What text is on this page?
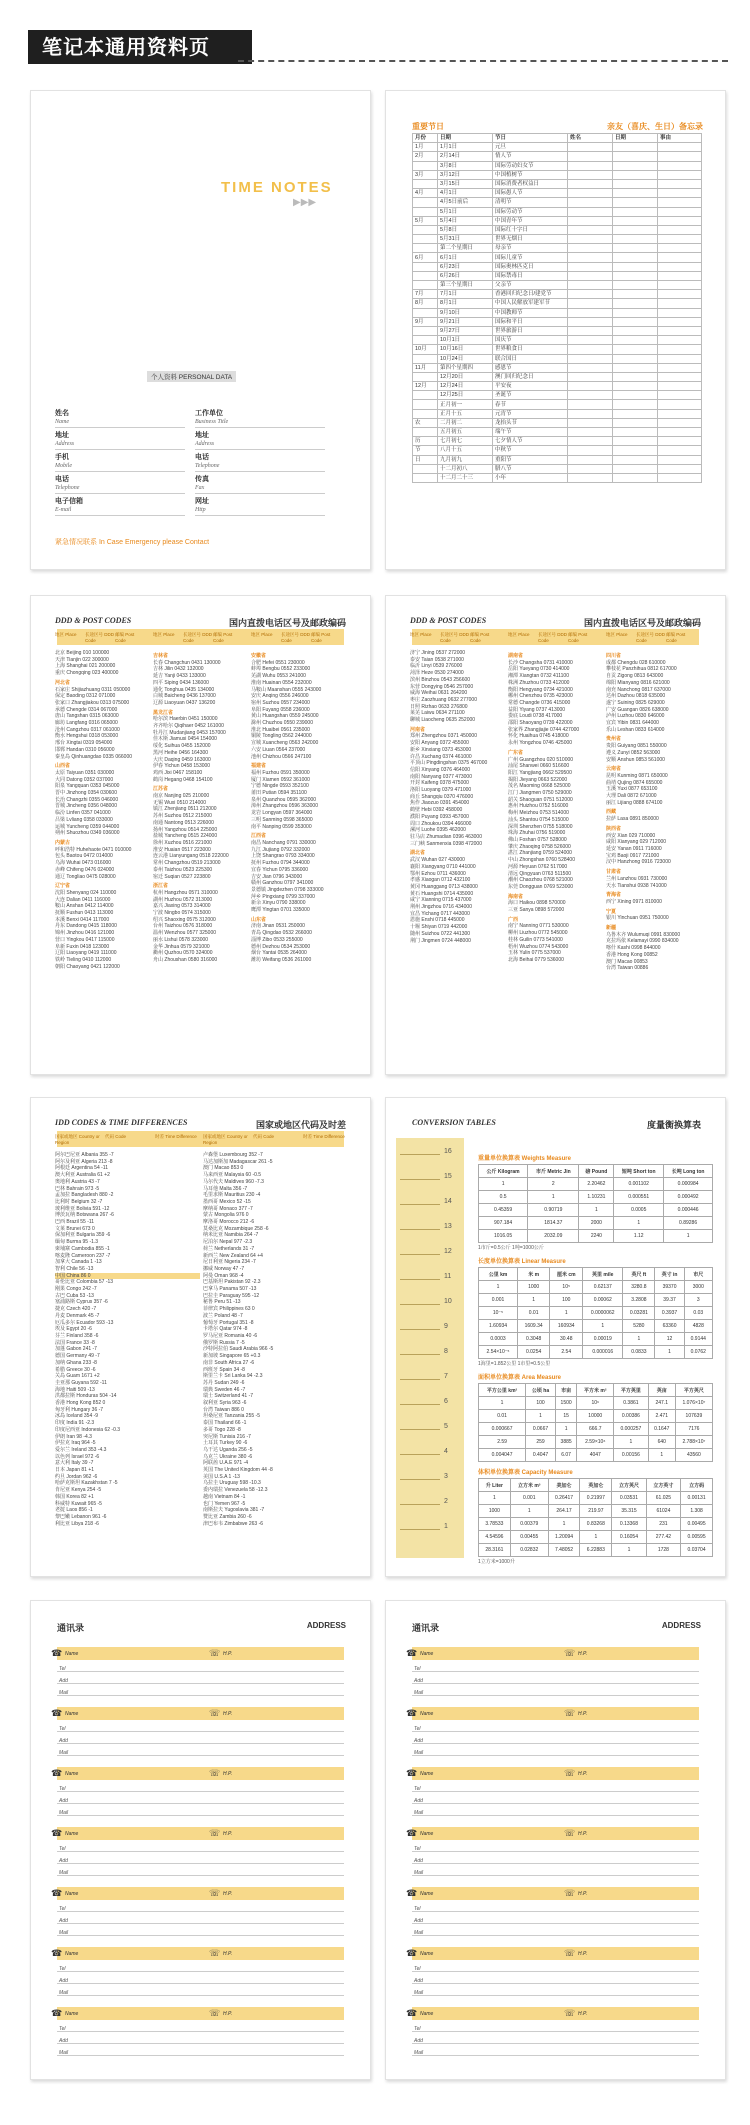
笔记本通用资料页
TIME NOTES
▶▶▶
个人资料 PERSONAL DATA
姓名
Name
地址
Address
手机
Mobile
电话
Telephone
电子信箱
E-mail
工作单位
Business Title
地址
Address
电话
Telephone
传真
Fax
网址
Http
紧急情况联系 In Case Emergency please Contact
重要节日	亲友（喜庆、生日）备忘录
月份	日期	节日	姓名	日期	事由
1月	1月1日	元旦			
2月	2月14日	情人节			
	3月8日	国际劳动妇女节			
3月	3月12日	中国植树节			
	3月15日	国际消费者权益日			
4月	4月1日	国际愚人节			
	4月5日前后	清明节			
	5月1日	国际劳动节			
5月	5月4日	中国青年节			
	5月8日	国际红十字日			
	5月31日	世界无烟日			
	第二个星期日	母亲节			
6月	6月1日	国际儿童节			
	6月23日	国际奥林匹克日			
	6月26日	国际禁毒日			
	第三个星期日	父亲节			
7月	7月1日	香港回归纪念日/建党节			
8月	8月1日	中国人民解放军建军节			
	9月10日	中国教师节			
9月	9月21日	国际和平日			
	9月27日	世界旅游日			
	10月1日	国庆节			
10月	10月16日	世界粮食日			
	10月24日	联合国日			
11月	第四个星期四	感恩节			
	12月20日	澳门回归纪念日			
12月	12月24日	平安夜			
	12月25日	圣诞节			
	正月初一	春节			
	正月十五	元宵节			
农	二月初二	龙抬头节			
	五月初五	端午节			
历	七月初七	七夕情人节			
节	八月十五	中秋节			
日	九月初九	重阳节			
	十二月初八	腊八节			
	十二月二十三	小年			
DDD & POST CODES	国内直拨电话区号及邮政编码
地区 Place	长途区号 DDD Code
邮编 Post Code
北京 Beijing 010 100000
天津 Tianjin 022 300000
上海 Shanghai 021 200000
重庆 Chongqing 023 400000
河北省
石家庄 Shijiazhuang 0311 050000
保定 Baoding 0312 071000
张家口 Zhangjiakou 0313 075000
承德 Chengde 0314 067000
唐山 Tangshan 0315 063000
廊坊 Langfang 0316 065000
沧州 Cangzhou 0317 061000
衡水 Hengshui 0318 053000
邢台 Xingtai 0319 054000
邯郸 Handan 0310 056000
秦皇岛 Qinhuangdao 0335 066000
山西省
太原 Taiyuan 0351 030000
大同 Datong 0352 037000
阳泉 Yangquan 0353 045000
晋中 Jinzhong 0354 030600
长治 Changzhi 0355 046000
晋城 Jincheng 0356 048000
临汾 Linfen 0357 041000
吕梁 Lvliang 0358 033000
运城 Yuncheng 0359 044000
朔州 Shuozhou 0349 036000
内蒙古
呼和浩特 Huhehaote 0471 010000
包头 Baotou 0472 014000
乌海 Wuhai 0473 016000
赤峰 Chifeng 0476 024000
通辽 Tongliao 0475 028000
辽宁省
沈阳 Shenyang 024 110000
大连 Dalian 0411 116000
鞍山 Anshan 0412 114000
抚顺 Fushun 0413 113000
本溪 Benxi 0414 117000
丹东 Dandong 0415 118000
锦州 Jinzhou 0416 121000
营口 Yingkou 0417 115000
阜新 Fuxin 0418 123000
辽阳 Liaoyang 0419 111000
铁岭 Tieling 0410 112000
朝阳 Chaoyang 0421 122000
地区 Place	长途区号 DDD Code
邮编 Post Code
吉林省
长春 Changchun 0431 130000
吉林 Jilin 0432 132000
延吉 Yanji 0433 133000
四平 Siping 0434 136000
通化 Tonghua 0435 134000
白城 Baicheng 0436 137000
辽源 Liaoyuan 0437 136200
黑龙江省
哈尔滨 Haerbin 0451 150000
齐齐哈尔 Qiqihaer 0452 161000
牡丹江 Mudanjiang 0453 157000
佳木斯 Jiamusi 0454 154000
绥化 Suihua 0455 152000
黑河 Heihe 0456 164300
大庆 Daqing 0459 163000
伊春 Yichun 0458 153000
鸡西 Jixi 0467 158100
鹤岗 Hegang 0468 154100
江苏省
南京 Nanjing 025 210000
无锡 Wuxi 0510 214000
镇江 Zhenjiang 0511 212000
苏州 Suzhou 0512 215000
南通 Nantong 0513 226000
扬州 Yangzhou 0514 225000
盐城 Yancheng 0515 224000
徐州 Xuzhou 0516 221000
淮安 Huaian 0517 223000
连云港 Lianyungang 0518 222000
常州 Changzhou 0519 213000
泰州 Taizhou 0523 225300
宿迁 Suqian 0527 223800
浙江省
杭州 Hangzhou 0571 310000
湖州 Huzhou 0572 313000
嘉兴 Jiaxing 0573 314000
宁波 Ningbo 0574 315000
绍兴 Shaoxing 0575 312000
台州 Taizhou 0576 318000
温州 Wenzhou 0577 325000
丽水 Lishui 0578 323000
金华 Jinhua 0579 321000
衢州 Quzhou 0570 324000
舟山 Zhoushan 0580 316000
地区 Place	长途区号 DDD Code
邮编 Post Code
安徽省
合肥 Hefei 0551 230000
蚌埠 Bengbu 0552 233000
芜湖 Wuhu 0553 241000
淮南 Huainan 0554 232000
马鞍山 Maanshan 0555 243000
安庆 Anqing 0556 246000
宿州 Suzhou 0557 234000
阜阳 Fuyang 0558 236000
黄山 Huangshan 0559 245000
滁州 Chuzhou 0550 239000
淮北 Huaibei 0561 235000
铜陵 Tongling 0562 244000
宣城 Xuancheng 0563 242000
六安 Liuan 0564 237000
池州 Chizhou 0566 247100
福建省
福州 Fuzhou 0591 350000
厦门 Xiamen 0592 361000
宁德 Ningde 0593 352100
莆田 Putian 0594 351100
泉州 Quanzhou 0595 362000
漳州 Zhangzhou 0596 363000
龙岩 Longyan 0597 364000
三明 Sanming 0598 365000
南平 Nanping 0599 353000
江西省
南昌 Nanchang 0791 330000
九江 Jiujiang 0792 332000
上饶 Shangrao 0793 334000
抚州 Fuzhou 0794 344000
宜春 Yichun 0795 336000
吉安 Jian 0796 343000
赣州 Ganzhou 0797 341000
景德镇 Jingdezhen 0798 333000
萍乡 Pingxiang 0799 337000
新余 Xinyu 0790 338000
鹰潭 Yingtan 0701 335000
山东省
济南 Jinan 0531 250000
青岛 Qingdao 0532 266000
淄博 Zibo 0533 255000
德州 Dezhou 0534 253000
烟台 Yantai 0535 264000
潍坊 Weifang 0536 261000
DDD & POST CODES	国内直拨电话区号及邮政编码
地区 Place	长途区号 DDD Code
邮编 Post Code
济宁 Jining 0537 272000
泰安 Taian 0538 271000
临沂 Linyi 0539 276000
菏泽 Heze 0530 274000
滨州 Binzhou 0543 256600
东营 Dongying 0546 257000
威海 Weihai 0631 264200
枣庄 Zaozhuang 0632 277000
日照 Rizhao 0633 276800
莱芜 Laiwu 0634 271100
聊城 Liaocheng 0635 252000
河南省
郑州 Zhengzhou 0371 450000
安阳 Anyang 0372 455000
新乡 Xinxiang 0373 453000
许昌 Xuchang 0374 461000
平顶山 Pingdingshan 0375 467000
信阳 Xinyang 0376 464000
南阳 Nanyang 0377 473000
开封 Kaifeng 0378 475000
洛阳 Luoyang 0379 471000
商丘 Shangqiu 0370 476000
焦作 Jiaozuo 0391 454000
鹤壁 Hebi 0392 458000
濮阳 Puyang 0393 457000
周口 Zhoukou 0394 466000
漯河 Luohe 0395 462000
驻马店 Zhumadian 0396 463000
三门峡 Sanmenxia 0398 472000
湖北省
武汉 Wuhan 027 430000
襄阳 Xiangyang 0710 441000
鄂州 Ezhou 0711 436000
孝感 Xiaogan 0712 432100
黄冈 Huanggang 0713 438000
黄石 Huangshi 0714 435000
咸宁 Xianning 0715 437000
荆州 Jingzhou 0716 434000
宜昌 Yichang 0717 443000
恩施 Enshi 0718 445000
十堰 Shiyan 0719 442000
随州 Suizhou 0722 441300
荆门 Jingmen 0724 448000
地区 Place	长途区号 DDD Code
邮编 Post Code
湖南省
长沙 Changsha 0731 410000
岳阳 Yueyang 0730 414000
湘潭 Xiangtan 0732 411100
株洲 Zhuzhou 0733 412000
衡阳 Hengyang 0734 421000
郴州 Chenzhou 0735 423000
常德 Changde 0736 415000
益阳 Yiyang 0737 413000
娄底 Loudi 0738 417000
邵阳 Shaoyang 0739 422000
张家界 Zhangjiajie 0744 427000
怀化 Huaihua 0745 418000
永州 Yongzhou 0746 425000
广东省
广州 Guangzhou 020 510000
汕尾 Shanwei 0660 516600
阳江 Yangjiang 0662 529500
揭阳 Jieyang 0663 522000
茂名 Maoming 0668 525000
江门 Jiangmen 0750 529000
韶关 Shaoguan 0751 512000
惠州 Huizhou 0752 516000
梅州 Meizhou 0753 514000
汕头 Shantou 0754 515000
深圳 Shenzhen 0755 518000
珠海 Zhuhai 0756 519000
佛山 Foshan 0757 528000
肇庆 Zhaoqing 0758 526000
湛江 Zhanjiang 0759 524000
中山 Zhongshan 0760 528400
河源 Heyuan 0762 517000
清远 Qingyuan 0763 511500
潮州 Chaozhou 0768 521000
东莞 Dongguan 0769 523000
海南省
海口 Haikou 0898 570000
三亚 Sanya 0898 572000
广西
南宁 Nanning 0771 530000
柳州 Liuzhou 0772 545000
桂林 Guilin 0773 541000
梧州 Wuzhou 0774 543000
玉林 Yulin 0775 537000
北海 Beihai 0779 536000
地区 Place	长途区号 DDD Code
邮编 Post Code
四川省
成都 Chengdu 028 610000
攀枝花 Panzhihua 0812 617000
自贡 Zigong 0813 643000
绵阳 Mianyang 0816 621000
南充 Nanchong 0817 637000
达州 Dazhou 0818 635000
遂宁 Suining 0825 629000
广安 Guangan 0826 638000
泸州 Luzhou 0830 646000
宜宾 Yibin 0831 644000
乐山 Leshan 0833 614000
贵州省
贵阳 Guiyang 0851 550000
遵义 Zunyi 0852 563000
安顺 Anshun 0853 561000
云南省
昆明 Kunming 0871 650000
曲靖 Qujing 0874 655000
玉溪 Yuxi 0877 653100
大理 Dali 0872 671000
丽江 Lijiang 0888 674100
西藏
拉萨 Lasa 0891 850000
陕西省
西安 Xian 029 710000
咸阳 Xianyang 029 712000
延安 Yanan 0911 716000
宝鸡 Baoji 0917 721000
汉中 Hanzhong 0916 723000
甘肃省
兰州 Lanzhou 0931 730000
天水 Tianshui 0938 741000
青海省
西宁 Xining 0971 810000
宁夏
银川 Yinchuan 0951 750000
新疆
乌鲁木齐 Wulumuqi 0991 830000
克拉玛依 Kelamayi 0990 834000
喀什 Kashi 0998 844000
香港 Hong Kong 00852
澳门 Macao 00853
台湾 Taiwan 00886
IDD CODES & TIME DIFFERENCES	国家或地区代码及时差
国家或地区 Country or Region
代码 Code	时差 Time Difference
阿尔巴尼亚 Albania 355 -7
阿尔及利亚 Algeria 213 -8
阿根廷 Argentina 54 -11
澳大利亚 Australia 61 +2
奥地利 Austria 43 -7
巴林 Bahrain 973 -5
孟加拉 Bangladesh 880 -2
比利时 Belgium 32 -7
玻利维亚 Bolivia 591 -12
博茨瓦纳 Botswana 267 -6
巴西 Brazil 55 -11
文莱 Brunei 673 0
保加利亚 Bulgaria 359 -6
缅甸 Burma 95 -1.3
柬埔寨 Cambodia 855 -1
喀麦隆 Cameroon 237 -7
加拿大 Canada 1 -13
智利 Chile 56 -13
中国 China 86 0
哥伦比亚 Colombia 57 -13
刚果 Congo 242 -7
古巴 Cuba 53 -13
塞浦路斯 Cyprus 357 -6
捷克 Czech 420 -7
丹麦 Denmark 45 -7
厄瓜多尔 Ecuador 593 -13
埃及 Egypt 20 -6
芬兰 Finland 358 -6
法国 France 33 -8
加蓬 Gabon 241 -7
德国 Germany 49 -7
加纳 Ghana 233 -8
希腊 Greece 30 -6
关岛 Guam 1671 +2
圭亚那 Guyana 592 -11
海地 Haiti 509 -13
洪都拉斯 Honduras 504 -14
香港 Hong Kong 852 0
匈牙利 Hungary 36 -7
冰岛 Iceland 354 -9
印度 India 91 -2.3
印度尼西亚 Indonesia 62 -0.3
伊朗 Iran 98 -4.3
伊拉克 Iraq 964 -5
爱尔兰 Ireland 353 -4.3
以色列 Israel 972 -6
意大利 Italy 39 -7
日本 Japan 81 +1
约旦 Jordan 962 -6
哈萨克斯坦 Kazakhstan 7 -5
肯尼亚 Kenya 254 -5
韩国 Korea 82 +1
科威特 Kuwait 965 -5
老挝 Laos 856 -1
黎巴嫩 Lebanon 961 -6
利比亚 Libya 218 -6
国家或地区 Country or Region
代码 Code	时差 Time Difference
卢森堡 Luxembourg 352 -7
马达加斯加 Madagascar 261 -5
澳门 Macao 853 0
马来西亚 Malaysia 60 -0.5
马尔代夫 Maldives 960 -7.3
马耳他 Malta 356 -7
毛里求斯 Mauritius 230 -4
墨西哥 Mexico 52 -15
摩纳哥 Monaco 377 -7
蒙古 Mongolia 976 0
摩洛哥 Morocco 212 -6
莫桑比克 Mozambique 258 -6
纳米比亚 Namibia 264 -7
尼泊尔 Nepal 977 -2.3
荷兰 Netherlands 31 -7
新西兰 New Zealand 64 +4
尼日利亚 Nigeria 234 -7
挪威 Norway 47 -7
阿曼 Oman 968 -4
巴基斯坦 Pakistan 92 -2.3
巴拿马 Panama 507 -13
巴拉圭 Paraguay 595 -12
秘鲁 Peru 51 -13
菲律宾 Philippines 63 0
波兰 Poland 48 -7
葡萄牙 Portugal 351 -8
卡塔尔 Qatar 974 -8
罗马尼亚 Romania 40 -6
俄罗斯 Russia 7 -5
沙特阿拉伯 Saudi Arabia 966 -5
新加坡 Singapore 65 +0.3
南非 South Africa 27 -6
西班牙 Spain 34 -8
斯里兰卡 Sri Lanka 94 -2.3
苏丹 Sudan 249 -6
瑞典 Sweden 46 -7
瑞士 Switzerland 41 -7
叙利亚 Syria 963 -6
台湾 Taiwan 886 0
坦桑尼亚 Tanzania 255 -5
泰国 Thailand 66 -1
多哥 Togo 228 -8
突尼斯 Tunisia 216 -7
土耳其 Turkey 90 -6
乌干达 Uganda 256 -5
乌克兰 Ukraine 380 -6
阿联酋 U.A.E 971 -4
英国 The United Kingdom 44 -8
美国 U.S.A 1 -13
乌拉圭 Uruguay 598 -10.3
委内瑞拉 Venezuela 58 -12.3
越南 Vietnam 84 -1
也门 Yemen 967 -5
南斯拉夫 Yugoslavia 381 -7
赞比亚 Zambia 260 -6
津巴布韦 Zimbabwe 263 -6
CONVERSION TABLES	度量衡换算表
16
15
14
13
12
11
10
9
8
7
6
5
4
3
2
1
重量单位换算表 Weights Measure
公斤 Kilogram	市斤 Metric Jin	磅 Pound	短吨 Short ton	长吨 Long ton
1	2	2.20462	0.001102	0.000984
0.5	1	1.10231	0.000551	0.000492
0.45359	0.90719	1	0.0005	0.000446
907.184	1814.37	2000	1	0.89286
1016.05	2032.09	2240	1.12	1
1市斤=0.5公斤 1吨=1000公斤
长度单位换算表 Linear Measure
公里 km	米 m	厘米 cm	英里 mile	英尺 ft	英寸 in	市尺
1	1000	10⁵	0.62137	3280.8	39370	3000
0.001	1	100	0.00062	3.2808	39.37	3
10⁻⁵	0.01	1	0.0000062	0.03281	0.3937	0.03
1.60934	1609.34	160934	1	5280	63360	4828
0.0003	0.3048	30.48	0.00019	1	12	0.9144
2.54×10⁻⁵	0.0254	2.54	0.000016	0.0833	1	0.0762
1海里=1.852公里 1市里=0.5公里
面积单位换算表 Area Measure
平方公里 km²	公顷 ha	市亩	平方米 m²	平方英里	英亩	平方英尺
1	100	1500	10⁶	0.3861	247.1	1.076×10⁷
0.01	1	15	10000	0.00386	2.471	107639
0.000667	0.0667	1	666.7	0.000257	0.1647	7176
2.59	259	3885	2.59×10⁶	1	640	2.788×10⁷
0.004047	0.4047	6.07	4047	0.00156	1	43560
体积单位换算表 Capacity Measure
升 Liter	立方米 m³	美加仑	英加仑	立方英尺	立方英寸	立方码
1	0.001	0.26417	0.21997	0.03531	61.025	0.00131
1000	1	264.17	219.97	35.315	61024	1.308
3.78533	0.00379	1	0.83268	0.13368	231	0.00495
4.54596	0.00455	1.20094	1	0.16054	277.42	0.00595
28.3161	0.02832	7.48052	6.22883	1	1728	0.03704
1立方米=1000升
通讯录	ADDRESS
☎ Name	☏ H.P.
Tel
Add
Mail
☎ Name	☏ H.P.
Tel
Add
Mail
☎ Name	☏ H.P.
Tel
Add
Mail
☎ Name	☏ H.P.
Tel
Add
Mail
☎ Name	☏ H.P.
Tel
Add
Mail
☎ Name	☏ H.P.
Tel
Add
Mail
☎ Name	☏ H.P.
Tel
Add
Mail
通讯录	ADDRESS
☎ Name	☏ H.P.
Tel
Add
Mail
☎ Name	☏ H.P.
Tel
Add
Mail
☎ Name	☏ H.P.
Tel
Add
Mail
☎ Name	☏ H.P.
Tel
Add
Mail
☎ Name	☏ H.P.
Tel
Add
Mail
☎ Name	☏ H.P.
Tel
Add
Mail
☎ Name	☏ H.P.
Tel
Add
Mail
